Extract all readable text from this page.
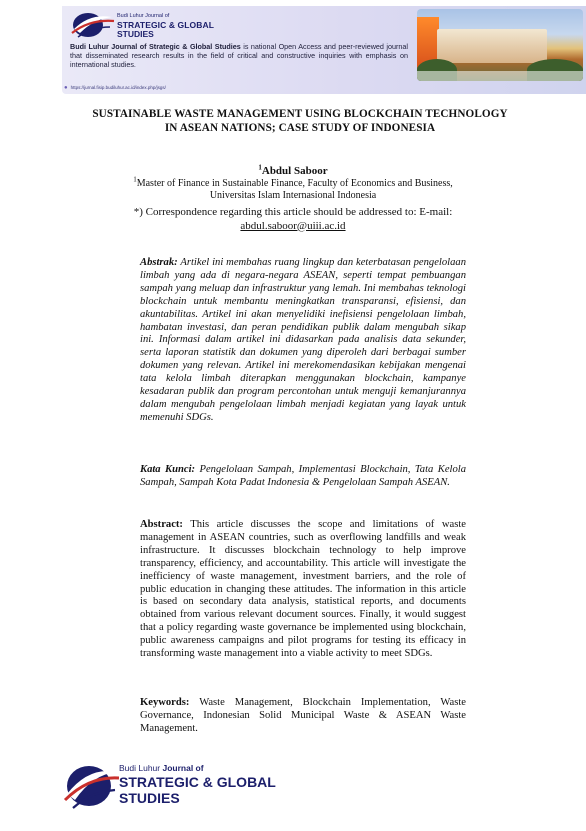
Budi Luhur Journal of
STRATEGIC & GLOBAL
STUDIES
Budi Luhur Journal of Strategic & Global Studies is national Open Access and peer-reviewed journal that disseminated research results in the field of critical and constructive inquiries with emphasis on international studies.
● https://jurnal.fisip.budiluhur.ac.id/index.php/jsgs/
SUSTAINABLE WASTE MANAGEMENT USING BLOCKCHAIN TECHNOLOGY IN ASEAN NATIONS; CASE STUDY OF INDONESIA
$^1$Abdul Saboor
$^1$Master of Finance in Sustainable Finance, Faculty of Economics and Business,
Universitas Islam Internasional Indonesia
*) Correspondence regarding this article should be addressed to: E-mail:
abdul.saboor@uiii.ac.id
Abstrak: Artikel ini membahas ruang lingkup dan keterbatasan pengelolaan limbah yang ada di negara-negara ASEAN, seperti tempat pembuangan sampah yang meluap dan infrastruktur yang lemah. Ini membahas teknologi blockchain untuk membantu meningkatkan transparansi, efisiensi, dan akuntabilitas. Artikel ini akan menyelidiki inefisiensi pengelolaan limbah, hambatan investasi, dan peran pendidikan publik dalam mengubah sikap ini. Informasi dalam artikel ini didasarkan pada analisis data sekunder, serta laporan statistik dan dokumen yang diperoleh dari berbagai sumber dokumen yang relevan. Artikel ini merekomendasikan kebijakan mengenai tata kelola limbah diterapkan menggunakan blockchain, kampanye kesadaran publik dan program percontohan untuk menguji kemanjurannya dalam mengubah pengelolaan limbah menjadi kegiatan yang layak untuk memenuhi SDGs.
Kata Kunci: Pengelolaan Sampah, Implementasi Blockchain, Tata Kelola Sampah, Sampah Kota Padat Indonesia & Pengelolaan Sampah ASEAN.
Abstract: This article discusses the scope and limitations of waste management in ASEAN countries, such as overflowing landfills and weak infrastructure. It discusses blockchain technology to help improve transparency, efficiency, and accountability. This article will investigate the inefficiency of waste management, investment barriers, and the role of public education in changing these attitudes. The information in this article is based on secondary data analysis, statistical reports, and documents obtained from various relevant document sources. Finally, it would suggest that a policy regarding waste governance be implemented using blockchain, public awareness campaigns and pilot programs for testing its efficacy in transforming waste management into a viable activity to meet SDGs.
Keywords: Waste Management, Blockchain Implementation, Waste Governance, Indonesian Solid Municipal Waste & ASEAN Waste Management.
Budi Luhur Journal of
STRATEGIC & GLOBAL
STUDIES
